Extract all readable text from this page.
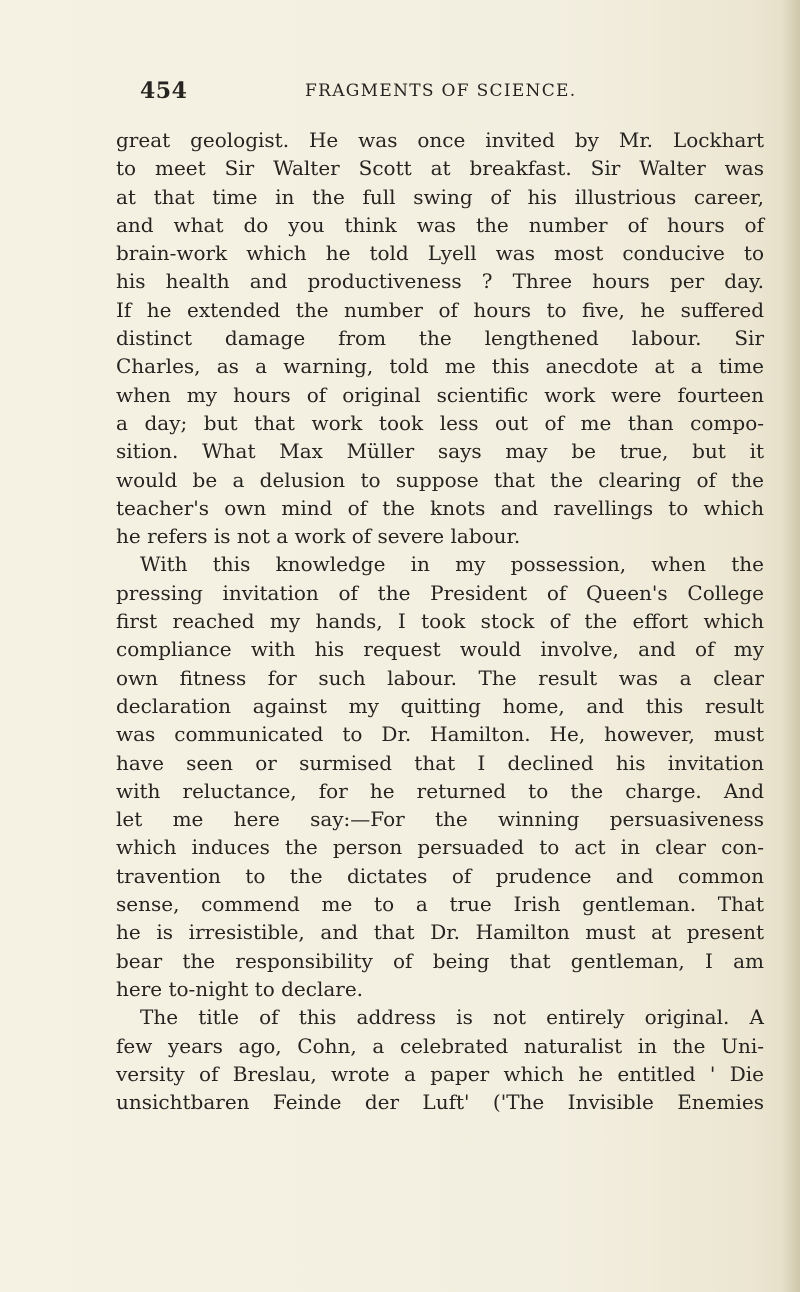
454	FRAGMENTS OF SCIENCE.
great geologist. He was once invited by Mr. Lockhart
to meet Sir Walter Scott at breakfast. Sir Walter was
at that time in the full swing of his illustrious career,
and what do you think was the number of hours of
brain-work which he told Lyell was most conducive to
his health and productiveness ? Three hours per day.
If he extended the number of hours to five, he suffered
distinct damage from the lengthened labour. Sir
Charles, as a warning, told me this anecdote at a time
when my hours of original scientific work were fourteen
a day; but that work took less out of me than compo-
sition. What Max Müller says may be true, but it
would be a delusion to suppose that the clearing of the
teacher's own mind of the knots and ravellings to which
he refers is not a work of severe labour.
With this knowledge in my possession, when the
pressing invitation of the President of Queen's College
first reached my hands, I took stock of the effort which
compliance with his request would involve, and of my
own fitness for such labour. The result was a clear
declaration against my quitting home, and this result
was communicated to Dr. Hamilton. He, however, must
have seen or surmised that I declined his invitation
with reluctance, for he returned to the charge. And
let me here say:—For the winning persuasiveness
which induces the person persuaded to act in clear con-
travention to the dictates of prudence and common
sense, commend me to a true Irish gentleman. That
he is irresistible, and that Dr. Hamilton must at present
bear the responsibility of being that gentleman, I am
here to-night to declare.
The title of this address is not entirely original. A
few years ago, Cohn, a celebrated naturalist in the Uni-
versity of Breslau, wrote a paper which he entitled ' Die
unsichtbaren Feinde der Luft' ('The Invisible Enemies
